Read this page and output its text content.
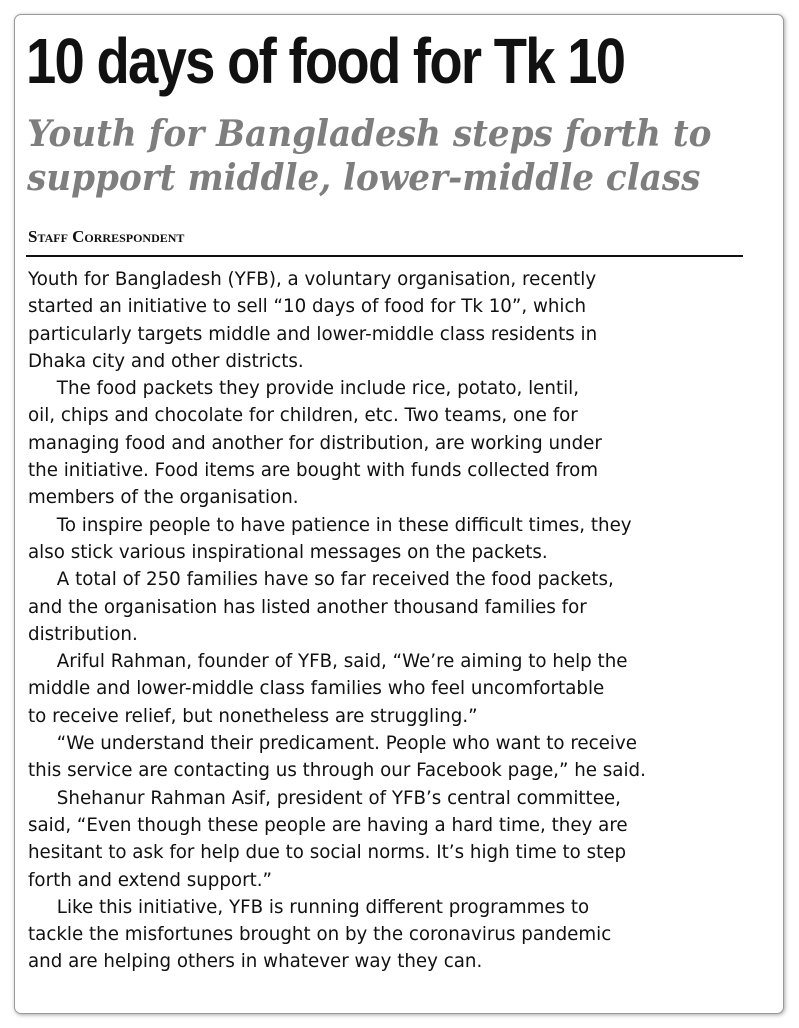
10 days of food for Tk 10
Youth for Bangladesh steps forth to
support middle, lower-middle class
Staff Correspondent

Youth for Bangladesh (YFB), a voluntary organisation, recently
started an initiative to sell “10 days of food for Tk 10”, which
particularly targets middle and lower-middle class residents in
Dhaka city and other districts.

The food packets they provide include rice, potato, lentil,
oil, chips and chocolate for children, etc. Two teams, one for
managing food and another for distribution, are working under
the initiative. Food items are bought with funds collected from
members of the organisation.

To inspire people to have patience in these difficult times, they
also stick various inspirational messages on the packets.

A total of 250 families have so far received the food packets,
and the organisation has listed another thousand families for
distribution.

Ariful Rahman, founder of YFB, said, “We’re aiming to help the
middle and lower-middle class families who feel uncomfortable
to receive relief, but nonetheless are struggling.”

“We understand their predicament. People who want to receive
this service are contacting us through our Facebook page,” he said.

Shehanur Rahman Asif, president of YFB’s central committee,
said, “Even though these people are having a hard time, they are
hesitant to ask for help due to social norms. It’s high time to step
forth and extend support.”

Like this initiative, YFB is running different programmes to
tackle the misfortunes brought on by the coronavirus pandemic
and are helping others in whatever way they can.
